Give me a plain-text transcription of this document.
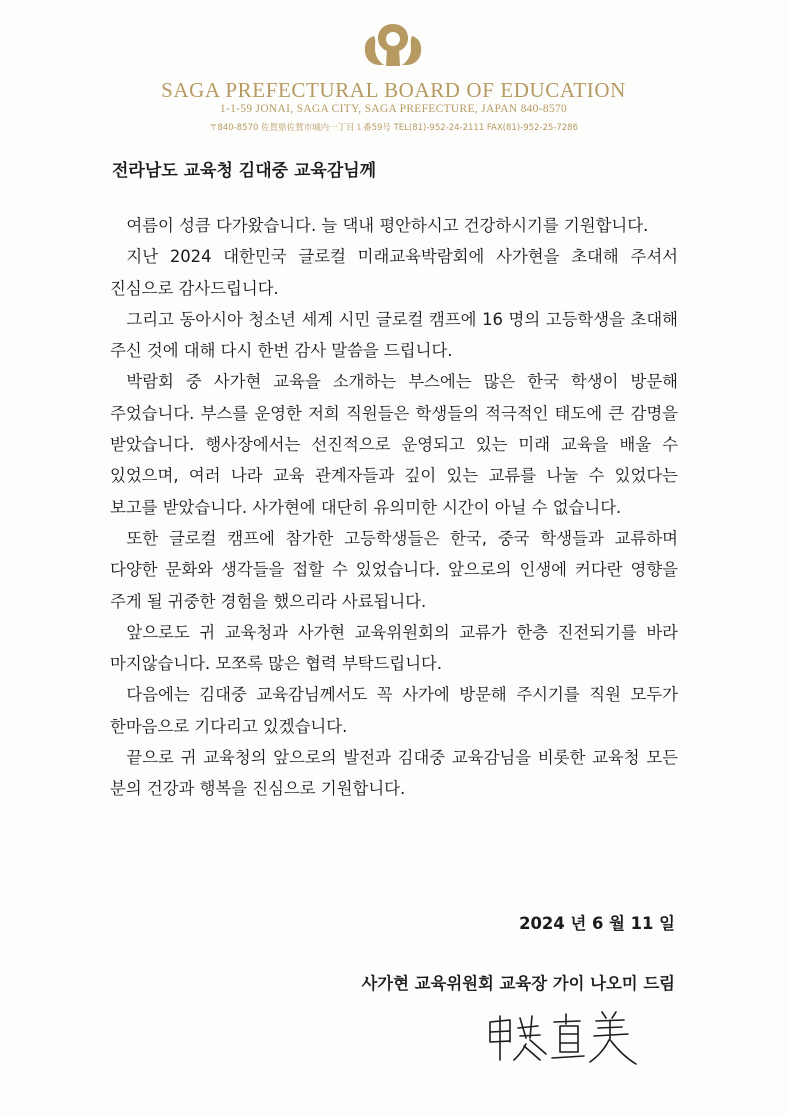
SAGA PREFECTURAL BOARD OF EDUCATION
1-1-59 JONAI, SAGA CITY, SAGA PREFECTURE, JAPAN 840-8570
〒840-8570 佐賀県佐賀市城内一丁目１番59号 TEL(81)-952-24-2111 FAX(81)-952-25-7286
전라남도 교육청 김대중 교육감님께

여름이 성큼 다가왔습니다. 늘 댁내 평안하시고 건강하시기를 기원합니다.

지난 2024 대한민국 글로컬 미래교육박람회에 사가현을 초대해 주셔서 진심으로 감사드립니다.

그리고 동아시아 청소년 세계 시민 글로컬 캠프에 16 명의 고등학생을 초대해 주신 것에 대해 다시 한번 감사 말씀을 드립니다.

박람회 중 사가현 교육을 소개하는 부스에는 많은 한국 학생이 방문해 주었습니다. 부스를 운영한 저희 직원들은 학생들의 적극적인 태도에 큰 감명을 받았습니다. 행사장에서는 선진적으로 운영되고 있는 미래 교육을 배울 수 있었으며, 여러 나라 교육 관계자들과 깊이 있는 교류를 나눌 수 있었다는 보고를 받았습니다. 사가현에 대단히 유의미한 시간이 아닐 수 없습니다.

또한 글로컬 캠프에 참가한 고등학생들은 한국, 중국 학생들과 교류하며 다양한 문화와 생각들을 접할 수 있었습니다. 앞으로의 인생에 커다란 영향을 주게 될 귀중한 경험을 했으리라 사료됩니다.

앞으로도 귀 교육청과 사가현 교육위원회의 교류가 한층 진전되기를 바라 마지않습니다. 모쪼록 많은 협력 부탁드립니다.

다음에는 김대중 교육감님께서도 꼭 사가에 방문해 주시기를 직원 모두가 한마음으로 기다리고 있겠습니다.

끝으로 귀 교육청의 앞으로의 발전과 김대중 교육감님을 비롯한 교육청 모든 분의 건강과 행복을 진심으로 기원합니다.

2024 년 6 월 11 일
사가현 교육위원회 교육장 가이 나오미 드림
